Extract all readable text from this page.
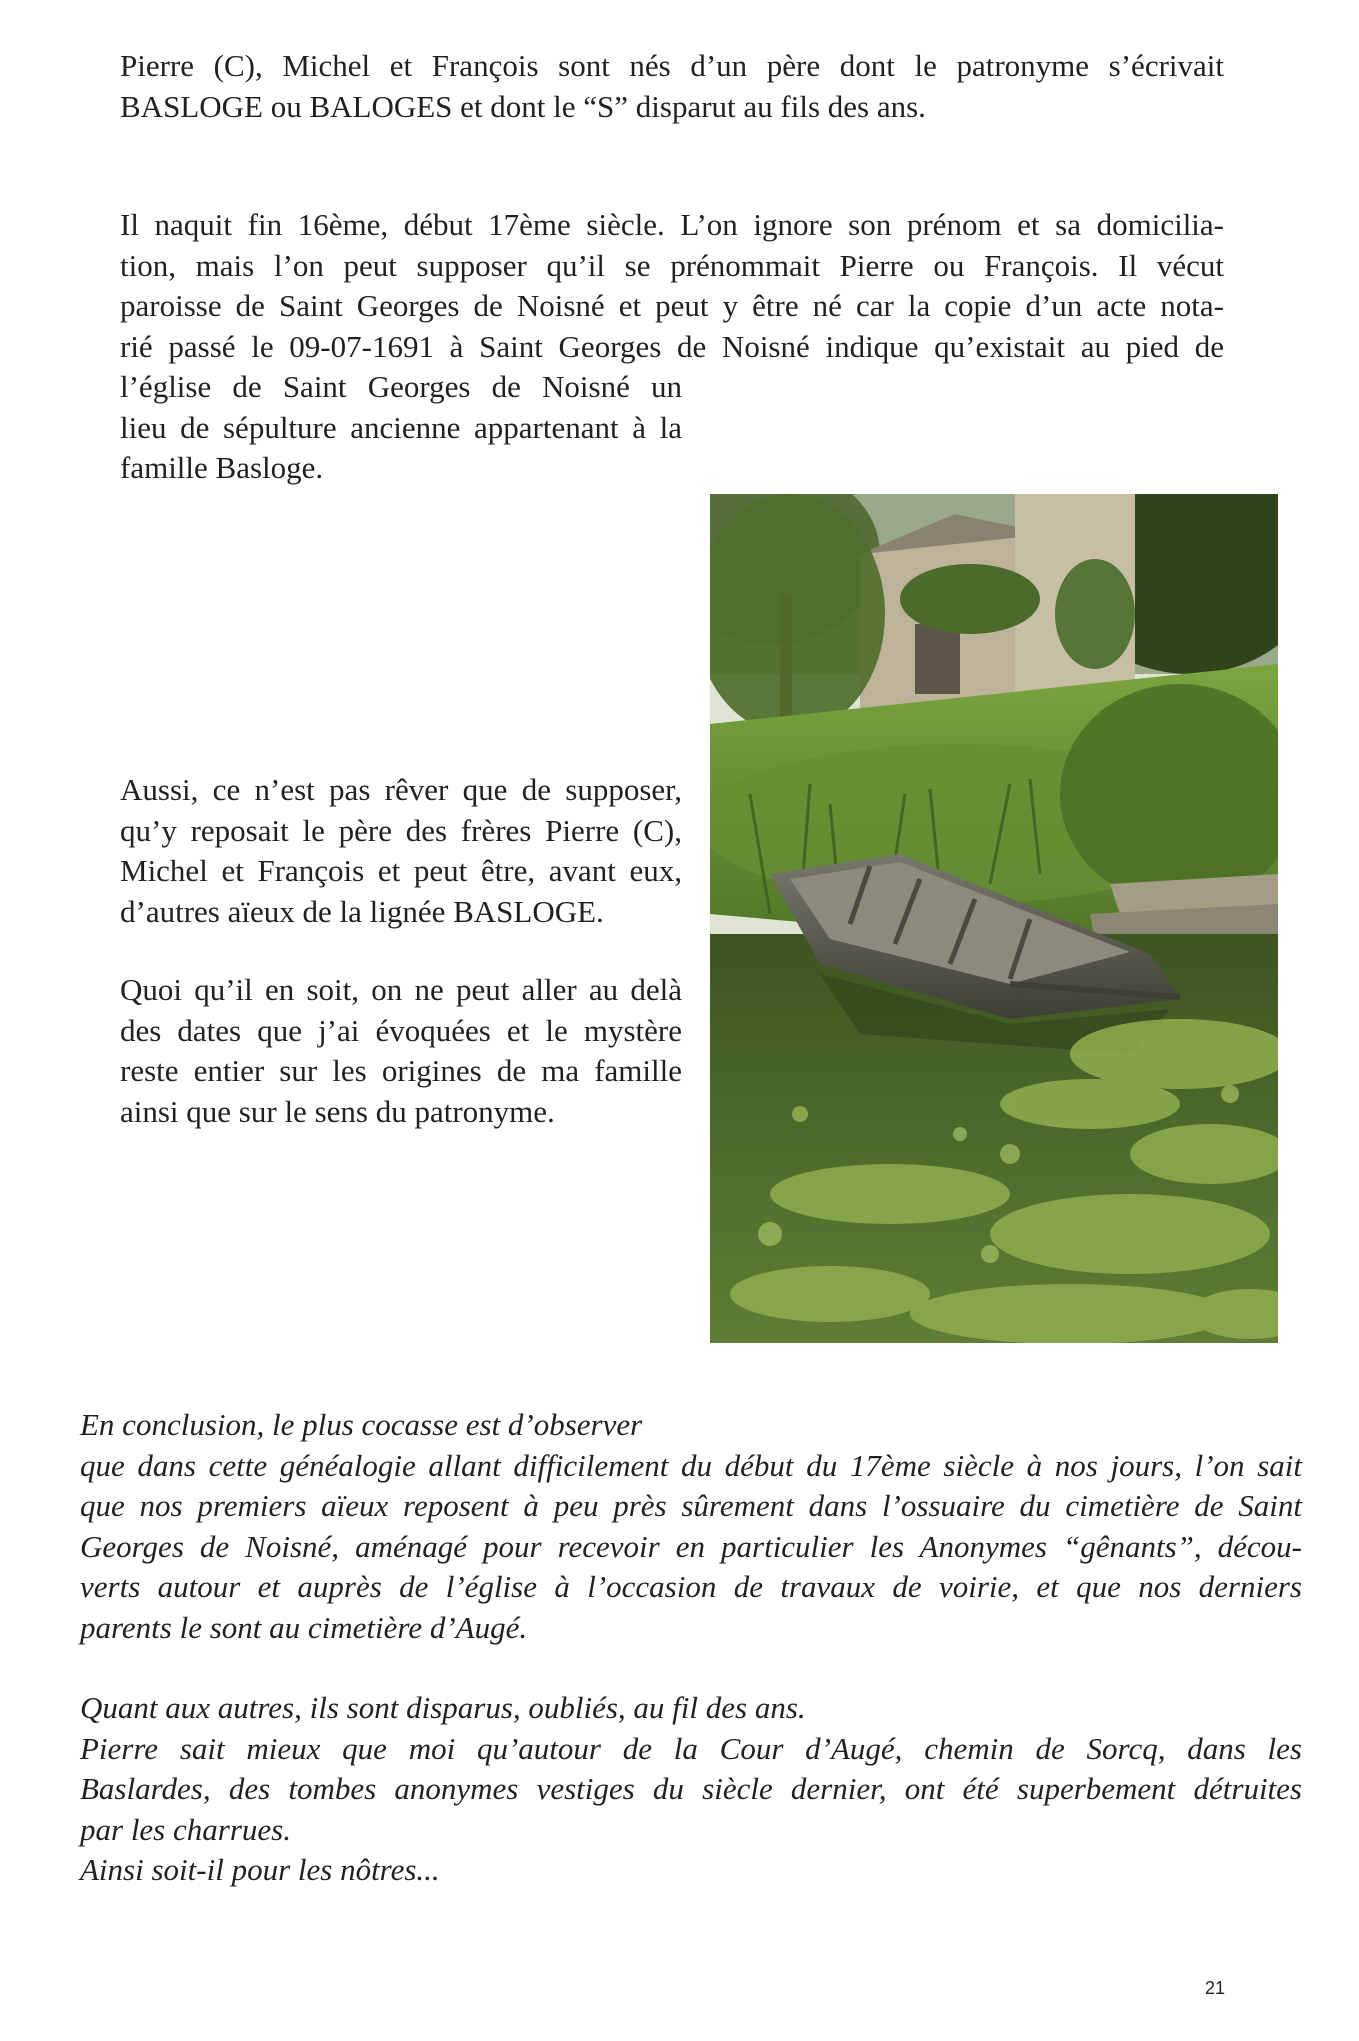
Pierre (C), Michel et François sont nés d’un père dont le patronyme s’écrivait
BASLOGE ou BALOGES et dont le “S” disparut au fils des ans.
Il naquit fin 16ème, début 17ème siècle. L’on ignore son prénom et sa domicilia-
tion, mais l’on peut supposer qu’il se prénommait Pierre ou François. Il vécut
paroisse de Saint Georges de Noisné et peut y être né car la copie d’un acte nota-
rié passé le 09-07-1691 à Saint Georges de Noisné indique qu’existait au pied de
l’église de Saint Georges de Noisné un
lieu de sépulture ancienne appartenant à la
famille Basloge.
Aussi, ce n’est pas rêver que de supposer,
qu’y reposait le père des frères Pierre (C),
Michel et François et peut être, avant eux,
d’autres aïeux de la lignée BASLOGE.
Quoi qu’il en soit, on ne peut aller au delà
des dates que j’ai évoquées et le mystère
reste entier sur les origines de ma famille
ainsi que sur le sens du patronyme.

En conclusion, le plus cocasse est d’observer
que dans cette généalogie allant difficilement du début du 17ème siècle à nos jours, l’on sait
que nos premiers aïeux reposent à peu près sûrement dans l’ossuaire du cimetière de Saint
Georges de Noisné, aménagé pour recevoir en particulier les Anonymes “gênants”, décou-
verts autour et auprès de l’église à l’occasion de travaux de voirie, et que nos derniers
parents le sont au cimetière d’Augé.

Quant aux autres, ils sont disparus, oubliés, au fil des ans.
Pierre sait mieux que moi qu’autour de la Cour d’Augé, chemin de Sorcq, dans les
Baslardes, des tombes anonymes vestiges du siècle dernier, ont été superbement détruites
par les charrues.
Ainsi soit-il pour les nôtres...

21
